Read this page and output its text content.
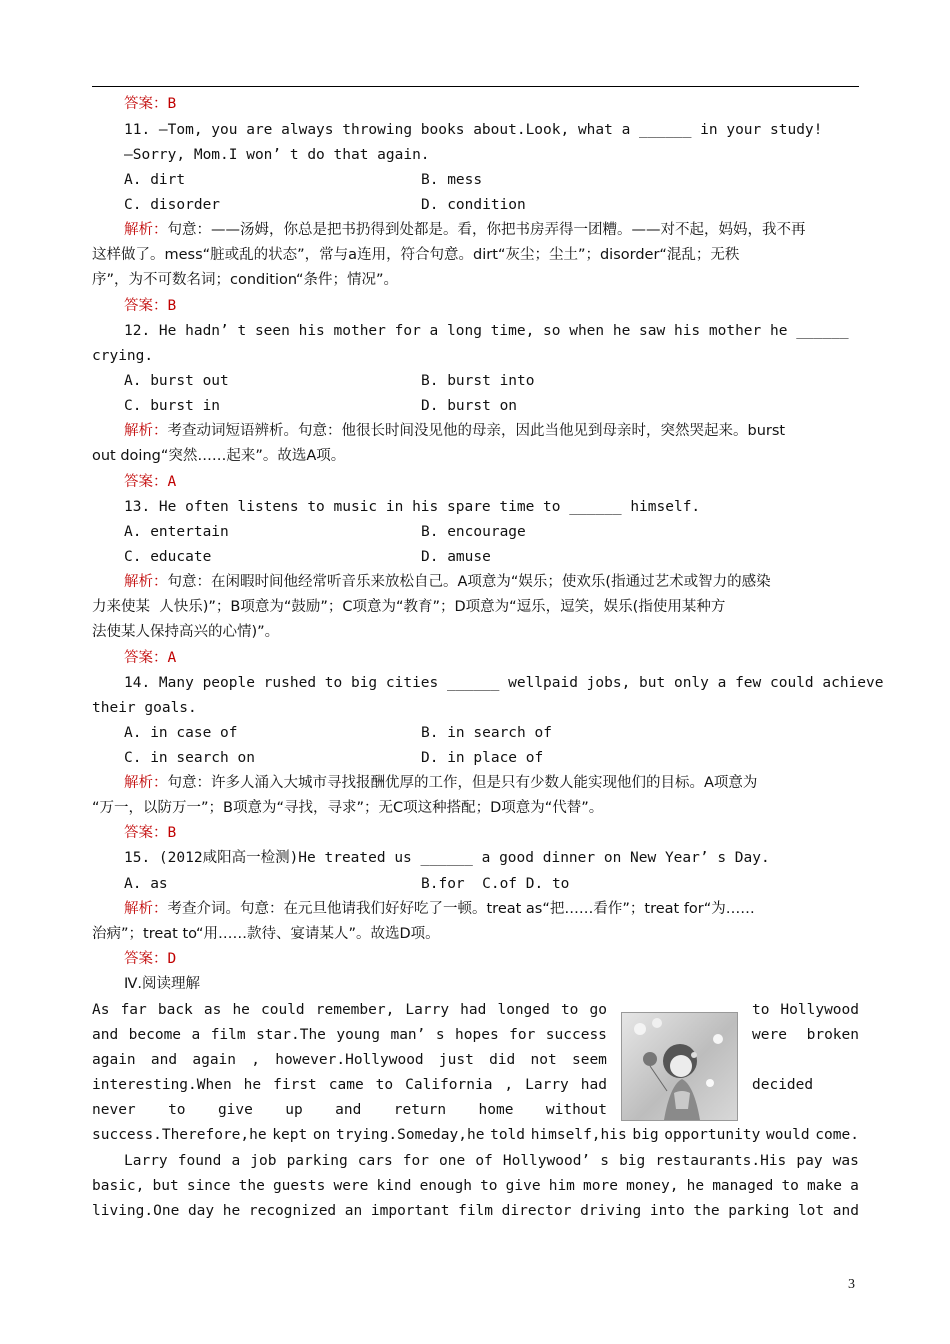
答案：B
11. —Tom, you are always throwing books about.Look, what a ______ in your study!
—Sorry, Mom.I won’ t do that again.
A. dirt	B. mess
C. disorder	D. condition
解析：句意：——汤姆，你总是把书扔得到处都是。看，你把书房弄得一团糟。——对不起，妈妈，我不再
这样做了。mess“脏或乱的状态”，常与a连用，符合句意。dirt“灰尘；尘土”；disorder“混乱；无秩
序”，为不可数名词；condition“条件；情况”。
答案：B
12. He hadn’ t seen his mother for a long time, so when he saw his mother he ______
crying.
A. burst out	B. burst into
C. burst in	D. burst on
解析：考查动词短语辨析。句意：他很长时间没见他的母亲，因此当他见到母亲时，突然哭起来。burst
out doing“突然……起来”。故选A项。
答案：A
13. He often listens to music in his spare time to ______ himself.
A. entertain	B. encourage
C. educate	D. amuse
解析：句意：在闲暇时间他经常听音乐来放松自己。A项意为“娱乐；使欢乐(指通过艺术或智力的感染
力来使某  人快乐)”；B项意为“鼓励”；C项意为“教育”；D项意为“逗乐，逗笑，娱乐(指使用某种方
法使某人保持高兴的心情)”。
答案：A
14. Many people rushed to big cities ______ wellpaid jobs, but only a few could achieve
their goals.
A. in case of	B. in search of
C. in search on	D. in place of
解析：句意：许多人涌入大城市寻找报酬优厚的工作，但是只有少数人能实现他们的目标。A项意为
“万一，以防万一”；B项意为“寻找，寻求”；无C项这种搭配；D项意为“代替”。
答案：B
15. (2012咸阳高一检测)He treated us ______ a good dinner on New Year’ s Day.
A. as	B.for  C.of D. to
解析：考查介词。句意：在元旦他请我们好好吃了一顿。treat as“把……看作”；treat for“为……
治病”；treat to“用……款待、宴请某人”。故选D项。
答案：D
Ⅳ.阅读理解
As far back as he could remember, Larry had longed to go	to Hollywood
and become a film star.The young man’ s hopes for success	were broken
again and again , however.Hollywood just did not seem
interesting.When he first came to California , Larry had	decided
never to give up and return home without
success.Therefore,he kept on trying.Someday,he told himself,his big opportunity would come.
Larry found a job parking cars for one of Hollywood’ s big restaurants.His pay was
basic, but since the guests were kind enough to give him more money, he managed to make a
living.One day he recognized an important film director driving into the parking lot and
3
